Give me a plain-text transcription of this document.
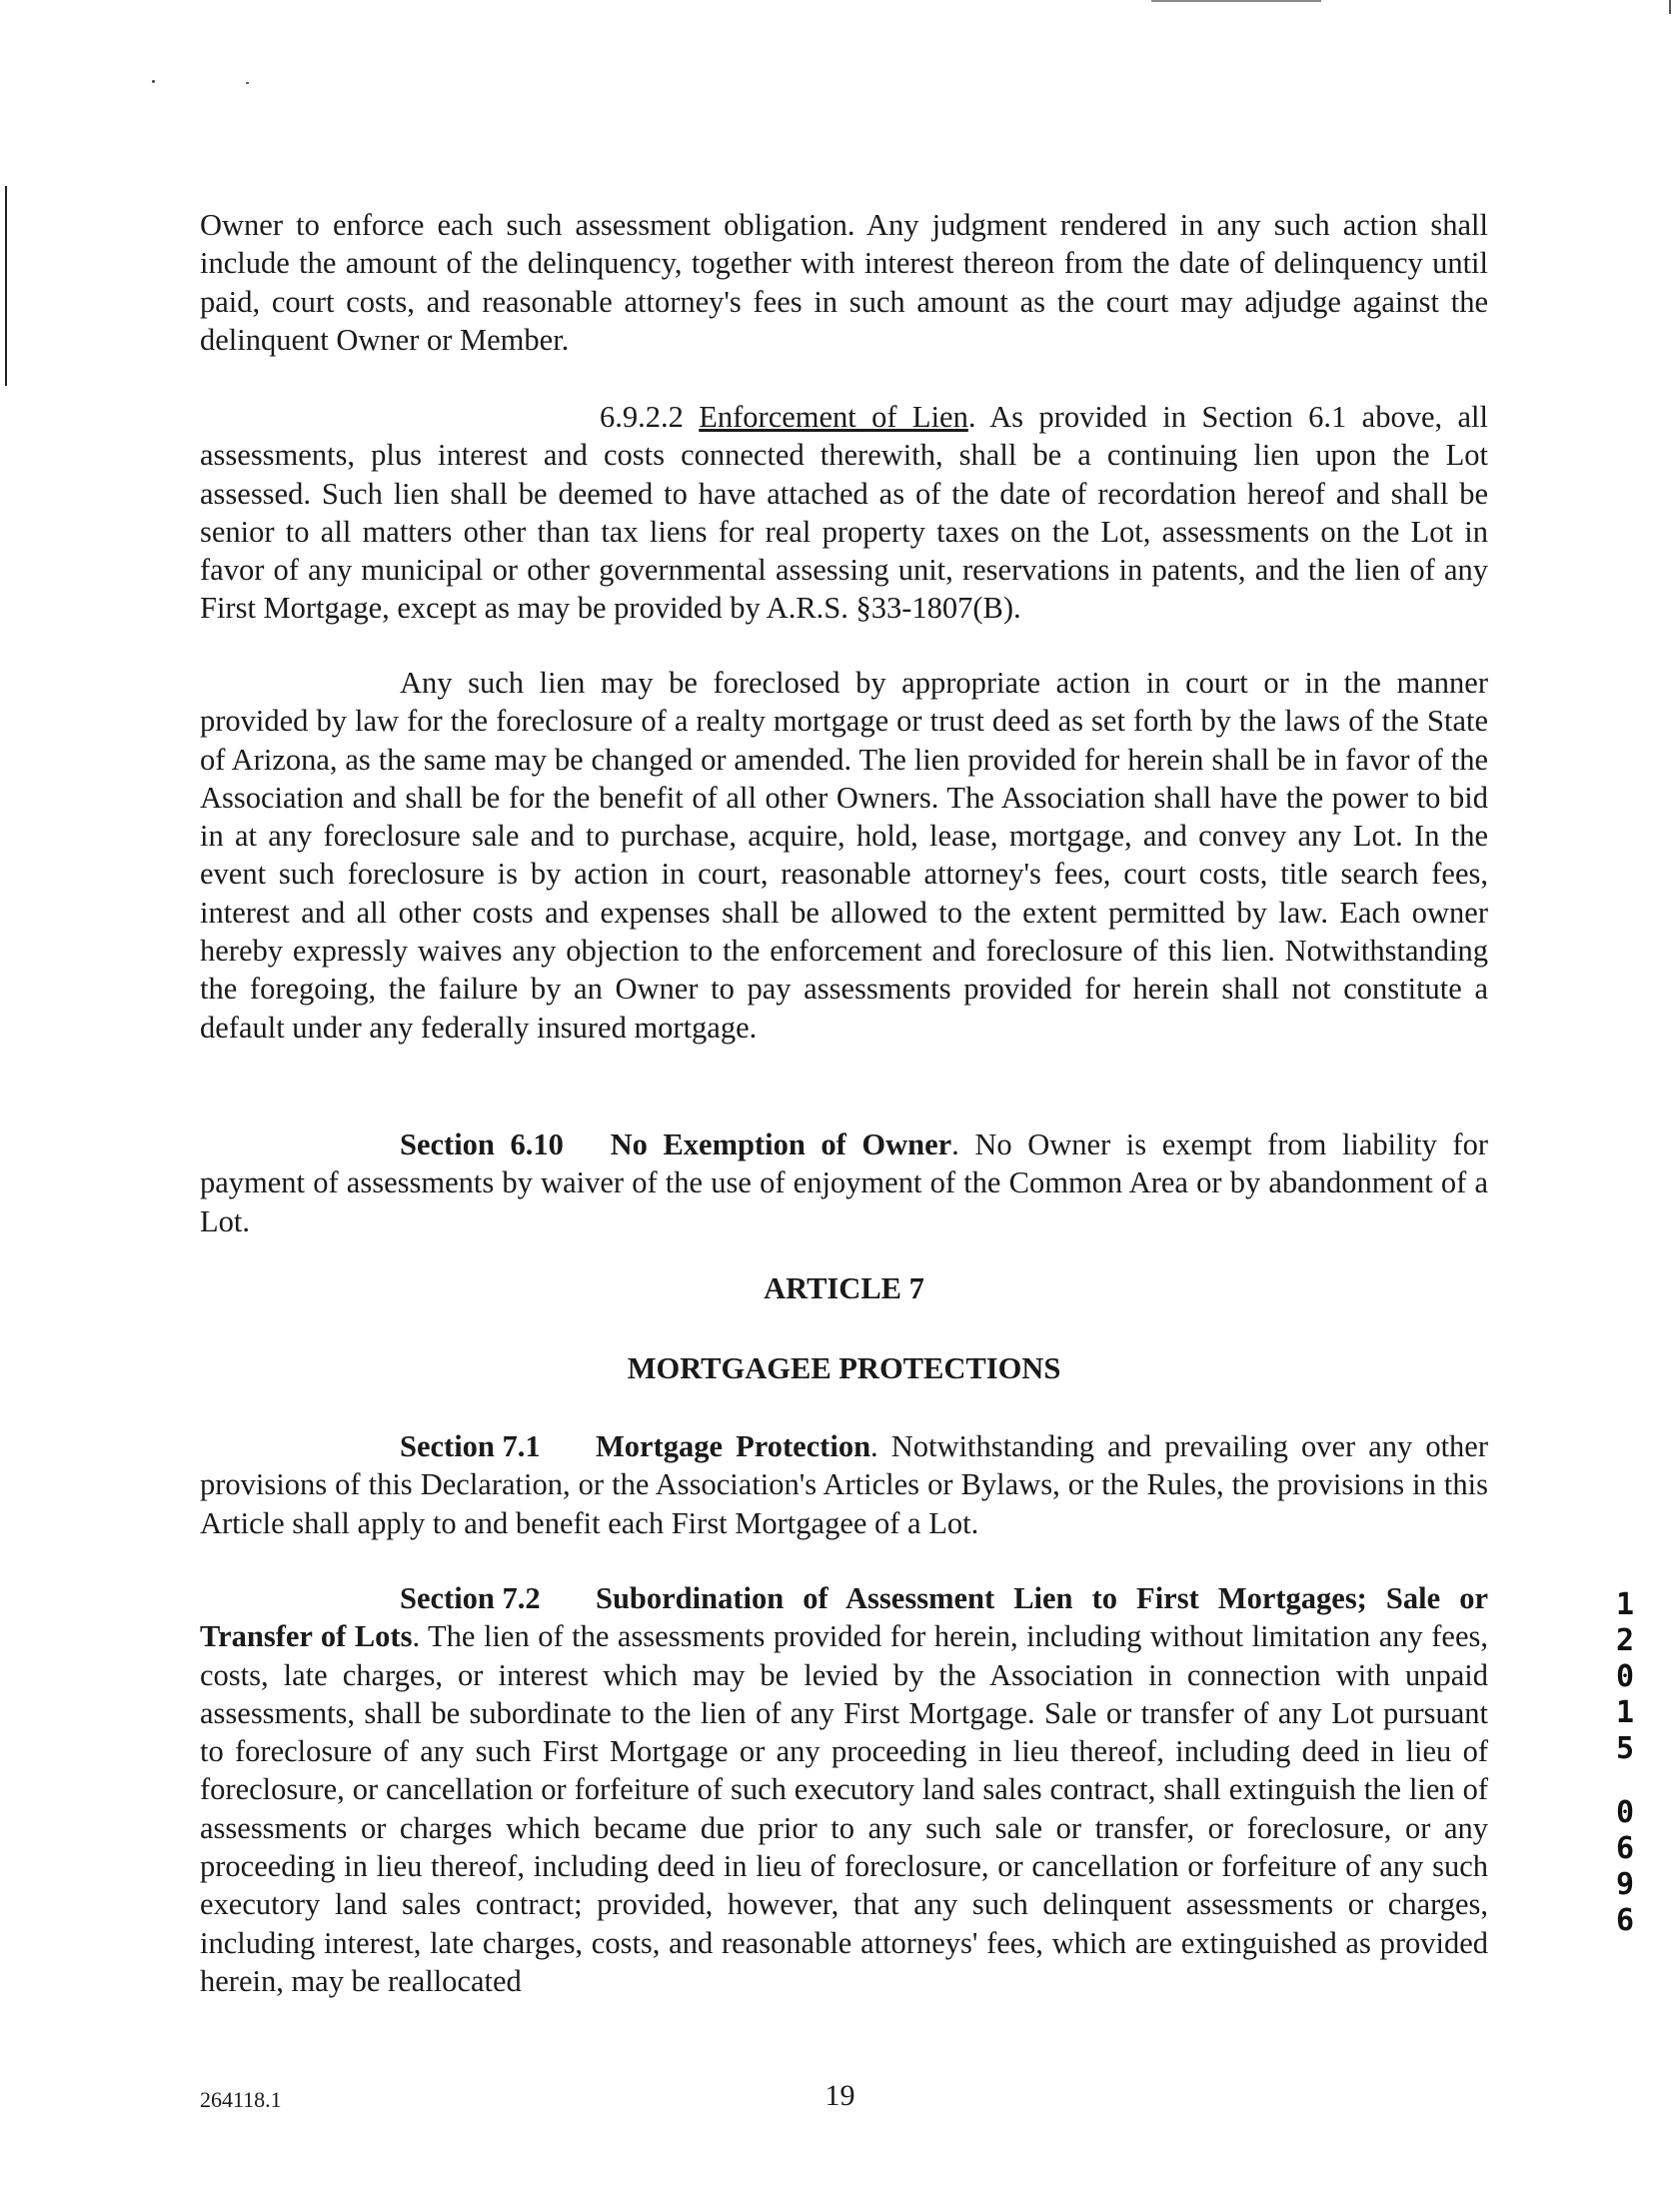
Owner to enforce each such assessment obligation. Any judgment rendered in any such action shall include the amount of the delinquency, together with interest thereon from the date of delinquency until paid, court costs, and reasonable attorney's fees in such amount as the court may adjudge against the delinquent Owner or Member.

6.9.2.2 Enforcement of Lien. As provided in Section 6.1 above, all assessments, plus interest and costs connected therewith, shall be a continuing lien upon the Lot assessed. Such lien shall be deemed to have attached as of the date of recordation hereof and shall be senior to all matters other than tax liens for real property taxes on the Lot, assessments on the Lot in favor of any municipal or other governmental assessing unit, reservations in patents, and the lien of any First Mortgage, except as may be provided by A.R.S. §33-1807(B).

Any such lien may be foreclosed by appropriate action in court or in the manner provided by law for the foreclosure of a realty mortgage or trust deed as set forth by the laws of the State of Arizona, as the same may be changed or amended. The lien provided for herein shall be in favor of the Association and shall be for the benefit of all other Owners. The Association shall have the power to bid in at any foreclosure sale and to purchase, acquire, hold, lease, mortgage, and convey any Lot. In the event such foreclosure is by action in court, reasonable attorney's fees, court costs, title search fees, interest and all other costs and expenses shall be allowed to the extent permitted by law. Each owner hereby expressly waives any objection to the enforcement and foreclosure of this lien. Notwithstanding the foregoing, the failure by an Owner to pay assessments provided for herein shall not constitute a default under any federally insured mortgage.

Section 6.10 No Exemption of Owner. No Owner is exempt from liability for payment of assessments by waiver of the use of enjoyment of the Common Area or by abandonment of a Lot.

ARTICLE 7
MORTGAGEE PROTECTIONS

Section 7.1 Mortgage Protection. Notwithstanding and prevailing over any other provisions of this Declaration, or the Association's Articles or Bylaws, or the Rules, the provisions in this Article shall apply to and benefit each First Mortgagee of a Lot.

Section 7.2 Subordination of Assessment Lien to First Mortgages; Sale or Transfer of Lots. The lien of the assessments provided for herein, including without limitation any fees, costs, late charges, or interest which may be levied by the Association in connection with unpaid assessments, shall be subordinate to the lien of any First Mortgage. Sale or transfer of any Lot pursuant to foreclosure of any such First Mortgage or any proceeding in lieu thereof, including deed in lieu of foreclosure, or cancellation or forfeiture of such executory land sales contract, shall extinguish the lien of assessments or charges which became due prior to any such sale or transfer, or foreclosure, or any proceeding in lieu thereof, including deed in lieu of foreclosure, or cancellation or forfeiture of any such executory land sales contract; provided, however, that any such delinquent assessments or charges, including interest, late charges, costs, and reasonable attorneys' fees, which are extinguished as provided herein, may be reallocated

1
2
0
1
5
0
6
9
6
264118.1	19
